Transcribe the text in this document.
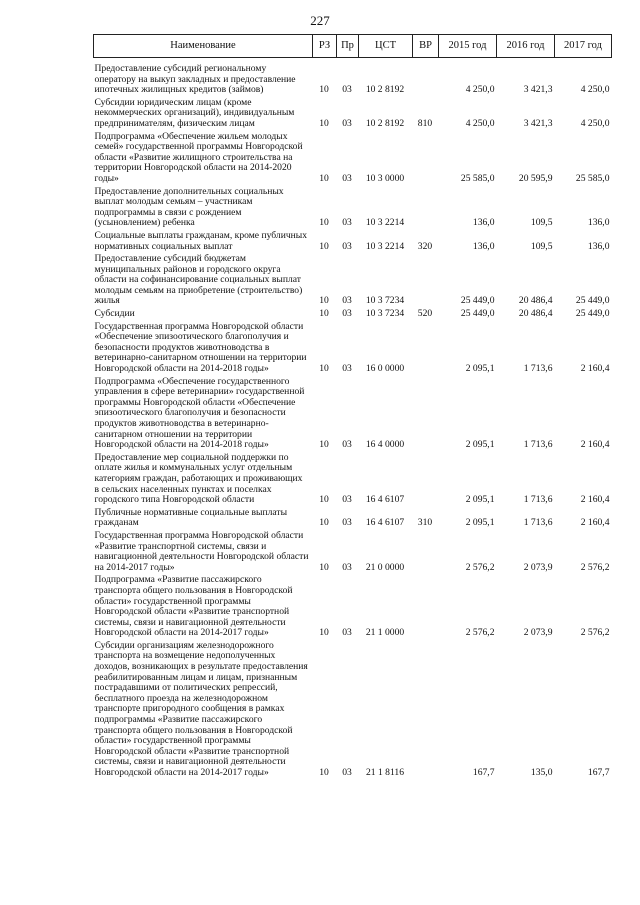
227
Наименование	РЗ	Пр	ЦСТ	ВР	2015 год	2016 год	2017 год
Предоставление субсидий региональному оператору на выкуп закладных и предоставление ипотечных жилищных кредитов (займов)	10	03	10 2 8192		4 250,0	3 421,3	4 250,0
Субсидии юридическим лицам (кроме некоммерческих организаций), индивидуальным предпринимателям, физическим лицам	10	03	10 2 8192	810	4 250,0	3 421,3	4 250,0
Подпрограмма «Обеспечение жильем молодых семей» государственной программы Новгородской области «Развитие жилищного строительства на территории Новгородской области на 2014-2020 годы»	10	03	10 3 0000		25 585,0	20 595,9	25 585,0
Предоставление дополнительных социальных выплат молодым семьям – участникам подпрограммы в связи с рождением (усыновлением) ребенка	10	03	10 3 2214		136,0	109,5	136,0
Социальные выплаты гражданам, кроме публичных нормативных социальных выплат	10	03	10 3 2214	320	136,0	109,5	136,0
Предоставление субсидий бюджетам муниципальных районов и городского округа области на софинансирование социальных выплат молодым семьям на приобретение (строительство) жилья	10	03	10 3 7234		25 449,0	20 486,4	25 449,0
Субсидии	10	03	10 3 7234	520	25 449,0	20 486,4	25 449,0
Государственная программа Новгородской области «Обеспечение эпизоотического благополучия и безопасности продуктов животноводства в ветеринарно-санитарном отношении на территории Новгородской области на 2014-2018 годы»	10	03	16 0 0000		2 095,1	1 713,6	2 160,4
Подпрограмма «Обеспечение государственного управления в сфере ветеринарии» государственной программы Новгородской области «Обеспечение эпизоотического благополучия и безопасности продуктов животноводства в ветеринарно-санитарном отношении на территории Новгородской области на 2014-2018 годы»	10	03	16 4 0000		2 095,1	1 713,6	2 160,4
Предоставление мер социальной поддержки по оплате жилья и коммунальных услуг отдельным категориям граждан, работающих и проживающих в сельских населенных пунктах и поселках городского типа Новгородской области	10	03	16 4 6107		2 095,1	1 713,6	2 160,4
Публичные нормативные социальные выплаты гражданам	10	03	16 4 6107	310	2 095,1	1 713,6	2 160,4
Государственная программа Новгородской области «Развитие транспортной системы, связи и навигационной деятельности Новгородской области на 2014-2017 годы»	10	03	21 0 0000		2 576,2	2 073,9	2 576,2
Подпрограмма «Развитие пассажирского транспорта общего пользования в Новгородской области» государственной программы Новгородской области «Развитие транспортной системы, связи и навигационной деятельности Новгородской области на 2014-2017 годы»	10	03	21 1 0000		2 576,2	2 073,9	2 576,2
Субсидии организациям железнодорожного транспорта на возмещение недополученных доходов, возникающих в результате предоставления реабилитированным лицам и лицам, признанным пострадавшими от политических репрессий, бесплатного проезда на железнодорожном транспорте пригородного сообщения в рамках подпрограммы «Развитие пассажирского транспорта общего пользования в Новгородской области» государственной программы Новгородской области «Развитие транспортной системы, связи и навигационной деятельности Новгородской области на 2014-2017 годы»	10	03	21 1 8116		167,7	135,0	167,7
